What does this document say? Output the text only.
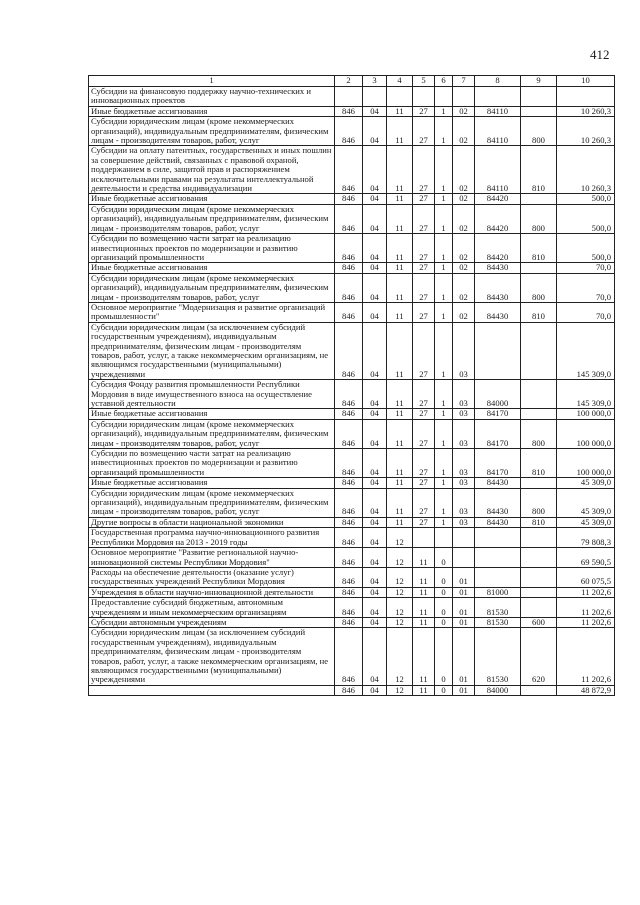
412
1	2	3	4	5	6	7	8	9	10
Субсидии на финансовую поддержку научно-технических и инновационных проектов									
Иные бюджетные ассигнования	846	04	11	27	1	02	84110		10 260,3
Субсидии юридическим лицам (кроме некоммерческих организаций), индивидуальным предпринимателям, физическим лицам - производителям товаров, работ, услуг	846	04	11	27	1	02	84110	800	10 260,3
Субсидии на оплату патентных, государственных и иных пошлин за совершение действий, связанных с правовой охраной, поддержанием в силе, защитой прав и распоряжением исключительными правами на результаты интеллектуальной деятельности и средства индивидуализации	846	04	11	27	1	02	84110	810	10 260,3
Иные бюджетные ассигнования	846	04	11	27	1	02	84420		500,0
Субсидии юридическим лицам (кроме некоммерческих организаций), индивидуальным предпринимателям, физическим лицам - производителям товаров, работ, услуг	846	04	11	27	1	02	84420	800	500,0
Субсидии по возмещению части затрат на реализацию инвестиционных проектов по модернизации и развитию организаций промышленности	846	04	11	27	1	02	84420	810	500,0
Иные бюджетные ассигнования	846	04	11	27	1	02	84430		70,0
Субсидии юридическим лицам (кроме некоммерческих организаций), индивидуальным предпринимателям, физическим лицам - производителям товаров, работ, услуг	846	04	11	27	1	02	84430	800	70,0
Основное мероприятие "Модернизация и развитие организаций промышленности"	846	04	11	27	1	02	84430	810	70,0
Субсидии юридическим лицам (за исключением субсидий государственным учреждениям), индивидуальным предпринимателям, физическим лицам - производителям товаров, работ, услуг, а также некоммерческим организациям, не являющимся государственными (муниципальными) учреждениями	846	04	11	27	1	03			145 309,0
Субсидия Фонду развития промышленности Республики Мордовия в виде имущественного взноса на осуществление уставной деятельности	846	04	11	27	1	03	84000		145 309,0
Иные бюджетные ассигнования	846	04	11	27	1	03	84170		100 000,0
Субсидии юридическим лицам (кроме некоммерческих организаций), индивидуальным предпринимателям, физическим лицам - производителям товаров, работ, услуг	846	04	11	27	1	03	84170	800	100 000,0
Субсидии по возмещению части затрат на реализацию инвестиционных проектов по модернизации и развитию организаций промышленности	846	04	11	27	1	03	84170	810	100 000,0
Иные бюджетные ассигнования	846	04	11	27	1	03	84430		45 309,0
Субсидии юридическим лицам (кроме некоммерческих организаций), индивидуальным предпринимателям, физическим лицам - производителям товаров, работ, услуг	846	04	11	27	1	03	84430	800	45 309,0
Другие вопросы в области национальной экономики	846	04	11	27	1	03	84430	810	45 309,0
Государственная программа научно-инновационного развития Республики Мордовия на 2013 - 2019 годы	846	04	12						79 808,3
Основное мероприятие "Развитие региональной научно-инновационной системы Республики Мордовия"	846	04	12	11	0				69 590,5
Расходы на обеспечение деятельности (оказание услуг) государственных учреждений Республики Мордовия	846	04	12	11	0	01			60 075,5
Учреждения в области научно-инновационной деятельности	846	04	12	11	0	01	81000		11 202,6
Предоставление субсидий бюджетным, автономным учреждениям и иным некоммерческим организациям	846	04	12	11	0	01	81530		11 202,6
Субсидии автономным учреждениям	846	04	12	11	0	01	81530	600	11 202,6
Субсидии юридическим лицам (за исключением субсидий государственным учреждениям), индивидуальным предпринимателям, физическим лицам - производителям товаров, работ, услуг, а также некоммерческим организациям, не являющимся государственными (муниципальными) учреждениями	846	04	12	11	0	01	81530	620	11 202,6
	846	04	12	11	0	01	84000		48 872,9
